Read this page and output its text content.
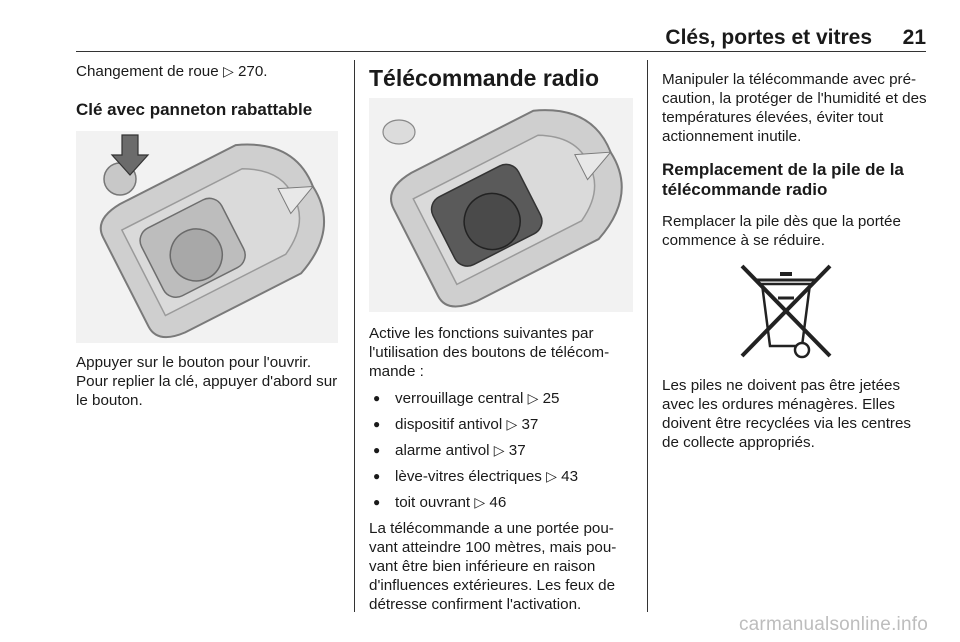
Clés, portes et vitres 21

Changement de roue ▷ 270.

Clé avec panneton rabattable

Appuyer sur le bouton pour l'ouvrir. Pour replier la clé, appuyer d'abord sur le bouton.

Télécommande radio

Active les fonctions suivantes par l'utilisation des boutons de télécom- mande :

● verrouillage central ▷ 25
● dispositif antivol ▷ 37
● alarme antivol ▷ 37
● lève-vitres électriques ▷ 43
● toit ouvrant ▷ 46

La télécommande a une portée pou- vant atteindre 100 mètres, mais pou- vant être bien inférieure en raison d'influences extérieures. Les feux de détresse confirment l'activation.

Manipuler la télécommande avec pré- caution, la protéger de l'humidité et des températures élevées, éviter tout actionnement inutile.

Remplacement de la pile de la télécommande radio

Remplacer la pile dès que la portée commence à se réduire.

Les piles ne doivent pas être jetées avec les ordures ménagères. Elles doivent être recyclées via les centres de collecte appropriés.

carmanualsonline.info
